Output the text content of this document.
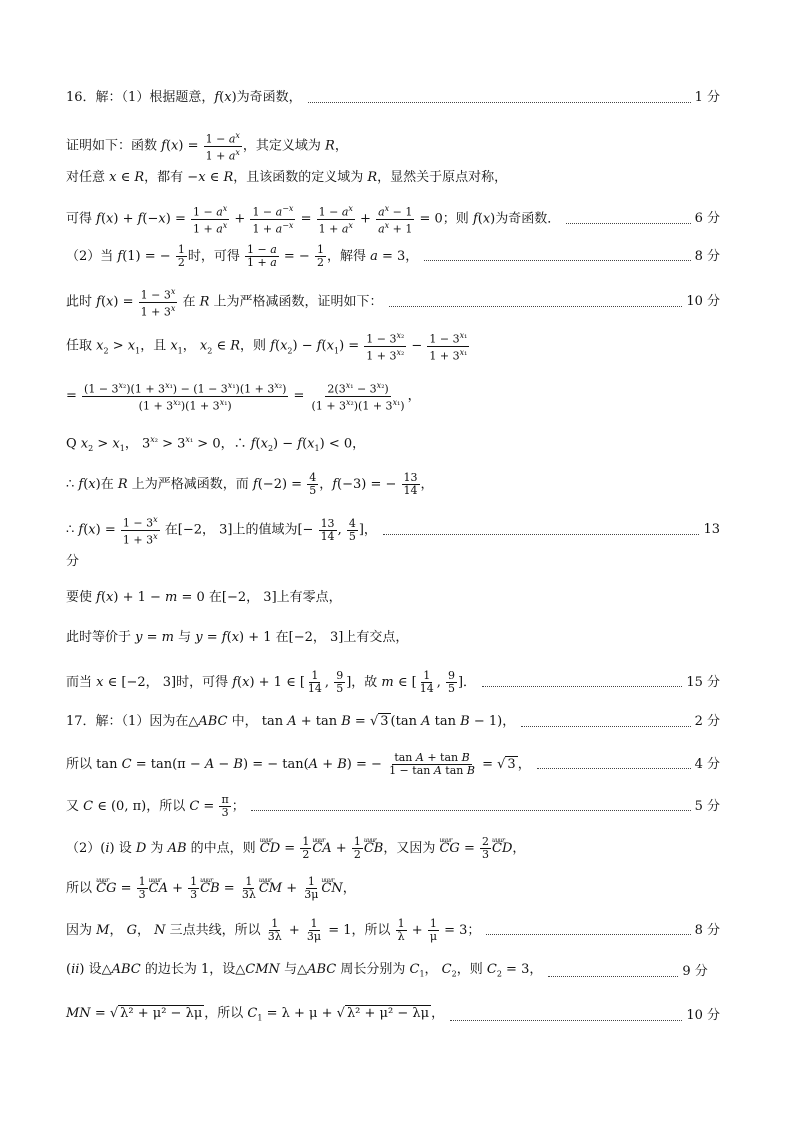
16．解：（1）根据题意，f(x)为奇函数，	1 分
证明如下：函数 $f(x) = \frac{1 - a^x}{1 + a^x}$ ，其定义域为 R，
对任意 x ∈ R，都有 −x ∈ R，且该函数的定义域为 R，显然关于原点对称，
可得 $f(x) + f(-x) = \frac{1 - a^x}{1 + a^x} + \frac{1 - a^{-x}}{1 + a^{-x}} = \frac{1 - a^x}{1 + a^x} + \frac{a^x - 1}{a^x + 1} = 0$；则 f(x)为奇函数．	6 分
（2）当 f(1) = − $\frac{1}{2}$ 时，可得 $\frac{1 - a}{1 + a}$ = − $\frac{1}{2}$ ，解得 a = 3，	8 分
此时 $f(x) = \frac{1 - 3^x}{1 + 3^x}$ 在 R 上为严格减函数，证明如下：	10 分
任取 $x_2 > x_1$，且 $x_1$， $x_2$ ∈ R，则 $f(x_2) - f(x_1) = \frac{1 - 3^{x_2}}{1 + 3^{x_2}} - \frac{1 - 3^{x_1}}{1 + 3^{x_1}}$
= $\frac{(1 - 3^{x_2})(1 + 3^{x_1}) - (1 - 3^{x_1})(1 + 3^{x_2})}{(1 + 3^{x_2})(1 + 3^{x_1})} = \frac{2(3^{x_1} - 3^{x_2})}{(1 + 3^{x_2})(1 + 3^{x_1})}$ ，
Q $x_2 > x_1$， $3^{x_2} > 3^{x_1} > 0$，∴ $f(x_2) - f(x_1) < 0$，
∴ f(x)在 R 上为严格减函数，而 $f(-2) = \frac{4}{5}$ ，f(−3) = − $\frac{13}{14}$ ，
∴ $f(x) = \frac{1 - 3^x}{1 + 3^x}$ 在[−2， 3]上的值域为[− $\frac{13}{14}$ , $\frac{4}{5}$ ]，	13
分
要使 f(x) + 1 − m = 0 在[−2， 3]上有零点，
此时等价于 y = m 与 y = f(x) + 1 在[−2， 3]上有交点，
而当 x ∈ [−2， 3]时，可得 f(x) + 1 ∈ [ $\frac{1}{14}$ , $\frac{9}{5}$ ]，故 m ∈ [ $\frac{1}{14}$ , $\frac{9}{5}$ ]．	15 分
17．解：（1）因为在△ABC 中， tan A + tan B = √ 3 (tan A tan B − 1)，	2 分
所以 tan C = tan(π − A − B) = − tan(A + B) = − $\frac{\text{tan A + tan B}}{\text{1 − tan A tan B}}$ = √ 3 ，	4 分
又 C ∈ (0, π)，所以 $C = \frac{\pi}{3}$ ；	5 分
（2）(i) 设 D 为 AB 的中点，则 uuur CD = $\frac{1}{2}$ uuur CA + $\frac{1}{2}$ uuur CB，又因为 uuur CG = $\frac{2}{3}$ uuur CD，
所以 uuur CG = $\frac{1}{3}$ uuur CA + $\frac{1}{3}$ uuur CB = $\frac{1}{3\lambda}$ uuur CM + $\frac{1}{3\mu}$ uuur CN，
因为 M， G， N 三点共线，所以 $\frac{1}{3\lambda} + \frac{1}{3\mu} = 1$，所以 $\frac{1}{\lambda} + \frac{1}{\mu} = 3$；	8 分
(ii) 设△ABC 的边长为 1，设△CMN 与△ABC 周长分别为 $C_1$， $C_2$，则 $C_2 = 3$，	9 分
MN = √ λ² + μ² − λμ ，所以 $C_1 = \lambda + \mu$ + √ λ² + μ² − λμ ，	10 分
